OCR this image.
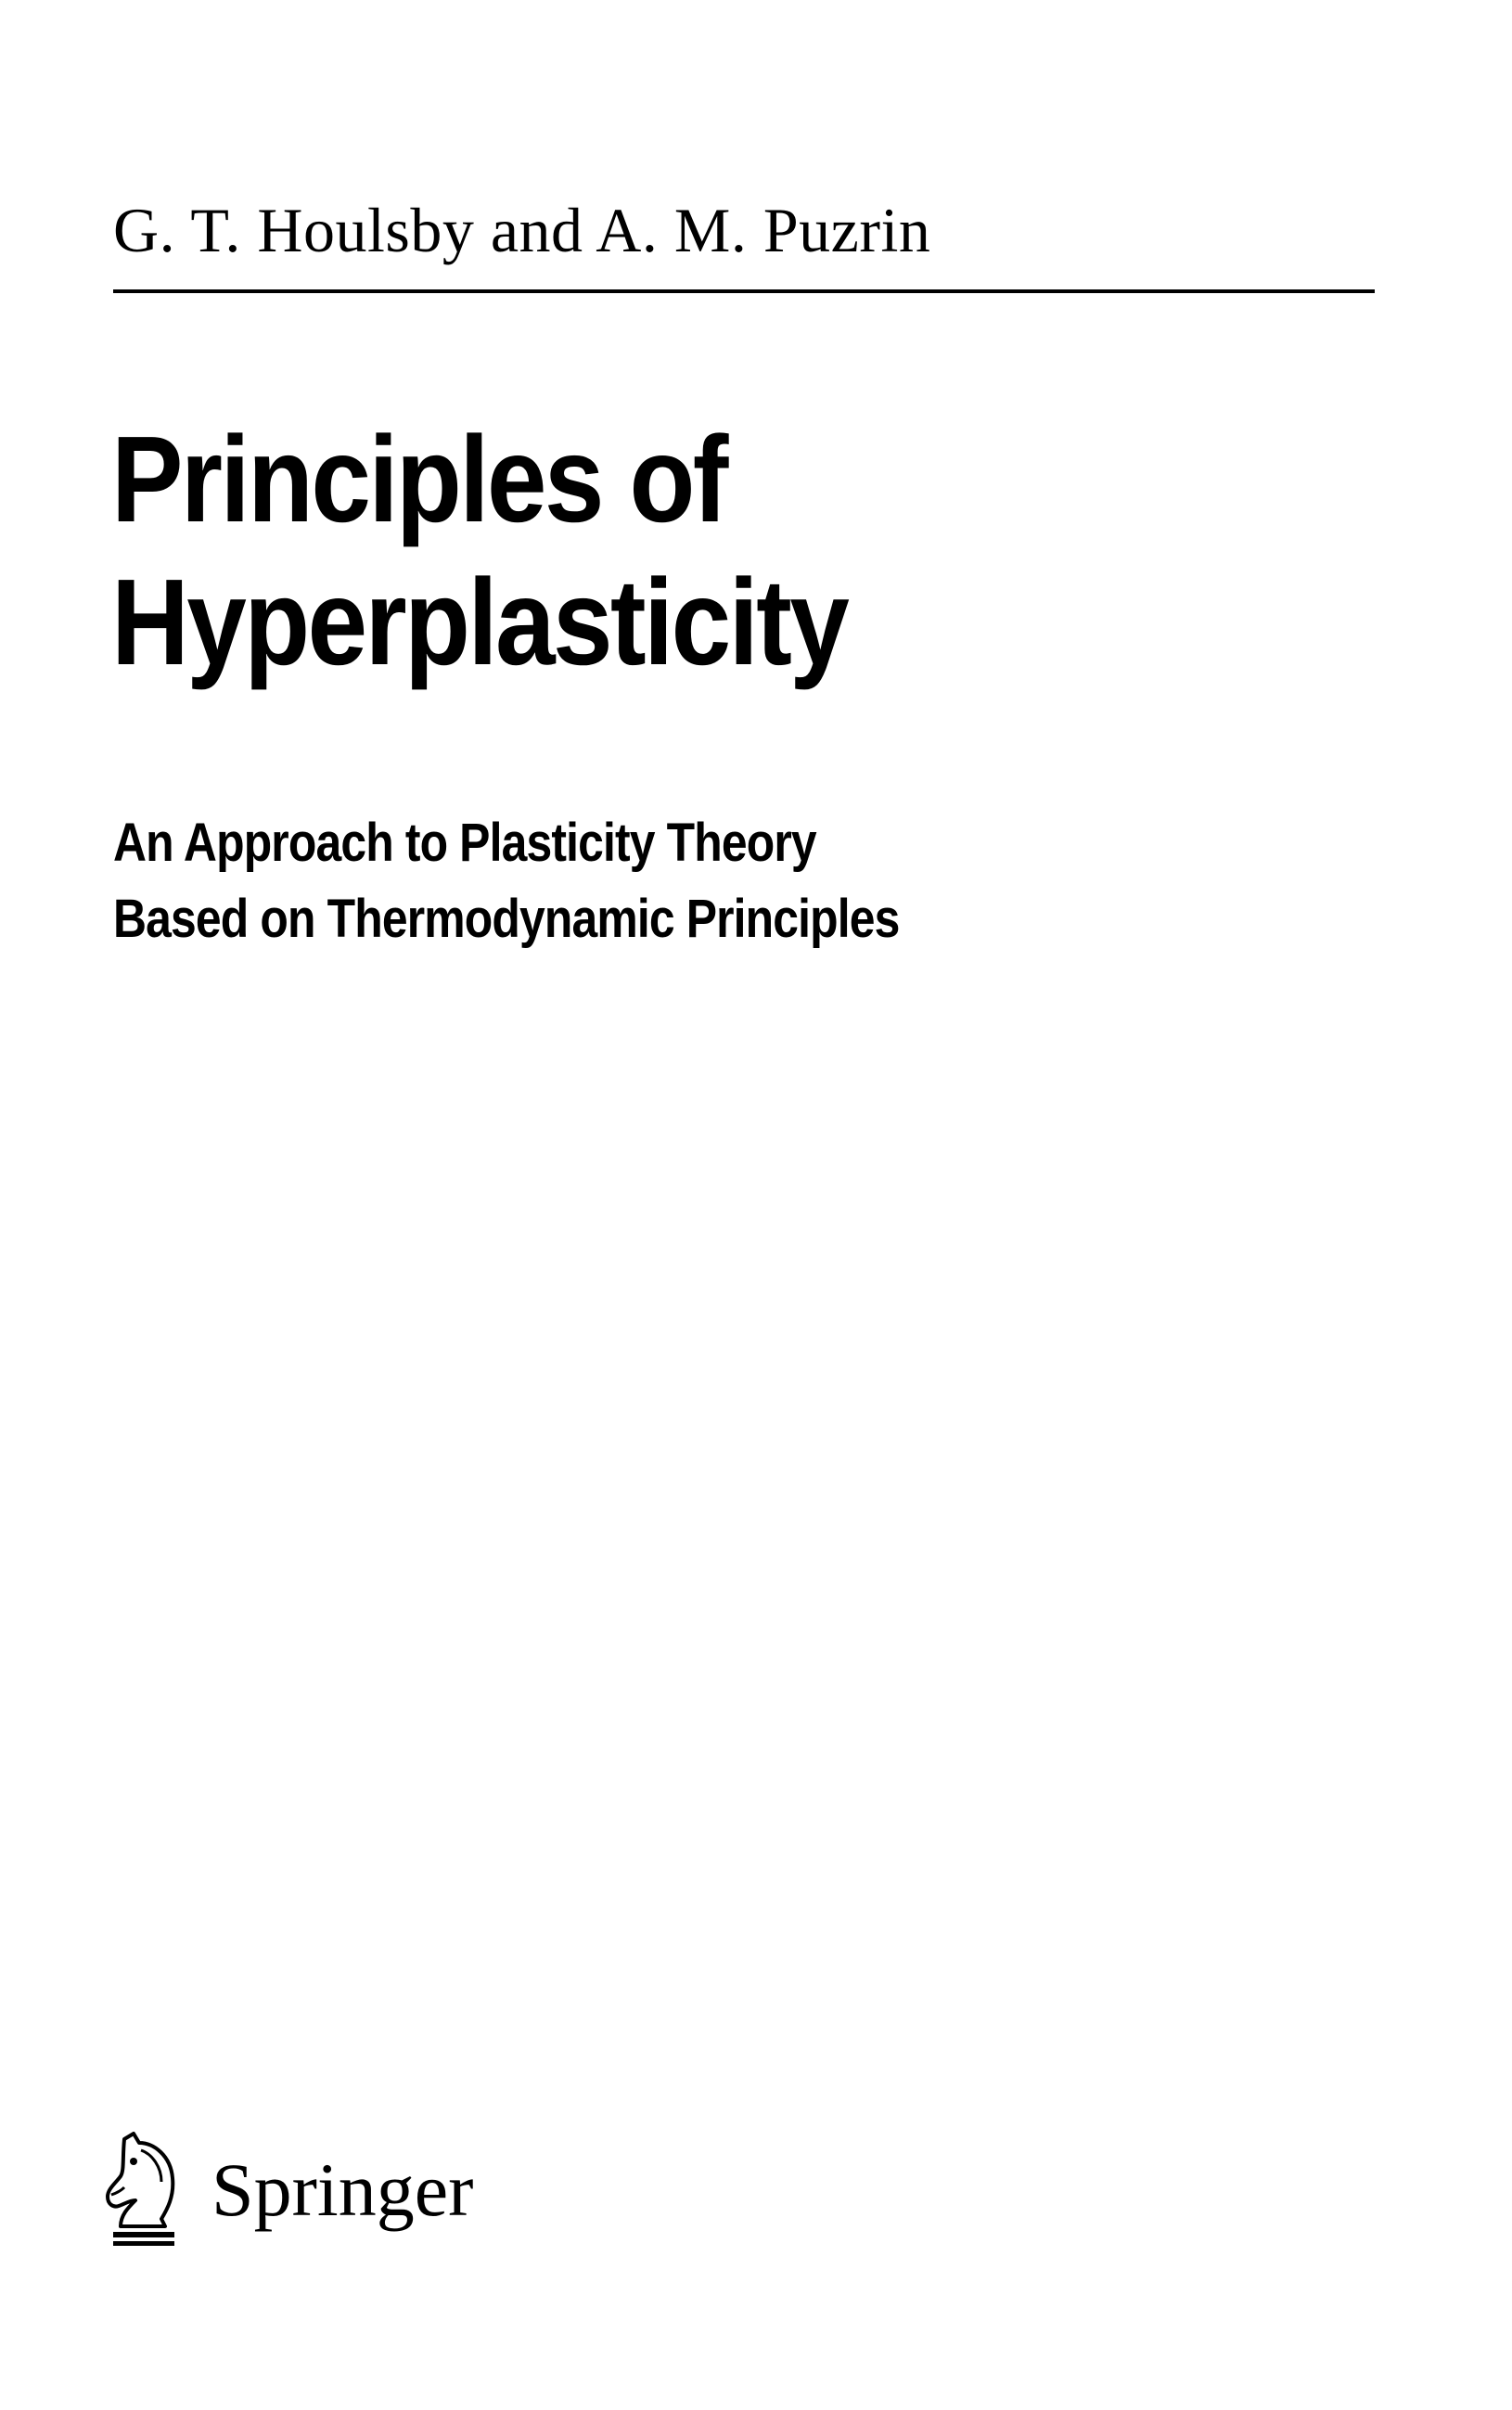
G. T. Houlsby and A. M. Puzrin
Principles of
Hyperplasticity
An Approach to Plasticity Theory
Based on Thermodynamic Principles
Springer
